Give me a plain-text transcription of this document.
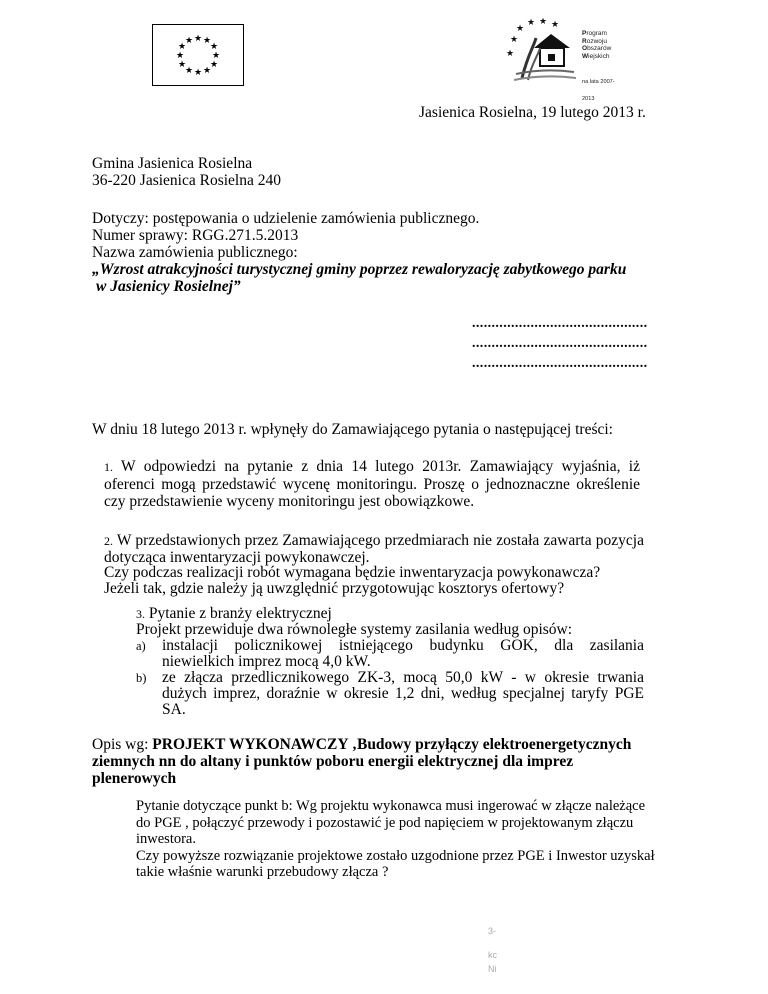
★ ★
★
★
★
★
★
★
★
★
★
★	★
★
★ ★ ★
★
Program
Rozwoju
Obszarów
Wiejskich
na lata 2007-2013
Jasienica Rosielna, 19 lutego 2013 r.
Gmina Jasienica Rosielna
36-220 Jasienica Rosielna 240
Dotyczy: postępowania o udzielenie zamówienia publicznego.
Numer sprawy: RGG.271.5.2013
Nazwa zamówienia publicznego:
„Wzrost atrakcyjności turystycznej gminy poprzez rewaloryzację zabytkowego parku
w Jasienicy Rosielnej”
.............................................
.............................................
.............................................
W dniu 18 lutego 2013 r. wpłynęły do Zamawiającego pytania o następującej treści:
1. W odpowiedzi na pytanie z dnia 14 lutego 2013r. Zamawiający wyjaśnia, iż oferenci mogą przedstawić wycenę monitoringu. Proszę o jednoznaczne określenie czy przedstawienie wyceny monitoringu jest obowiązkowe.
2. W przedstawionych przez Zamawiającego przedmiarach nie została zawarta pozycja dotycząca inwentaryzacji powykonawczej.
Czy podczas realizacji robót wymagana będzie inwentaryzacja powykonawcza?
Jeżeli tak, gdzie należy ją uwzględnić przygotowując kosztorys ofertowy?
3. Pytanie z branży elektrycznej
Projekt przewiduje dwa równoległe systemy zasilania według opisów:
a) instalacji policznikowej istniejącego budynku GOK, dla zasilania niewielkich imprez mocą 4,0 kW.
b) ze złącza przedlicznikowego ZK-3, mocą 50,0 kW - w okresie trwania dużych imprez, doraźnie w okresie 1,2 dni, według specjalnej taryfy PGE SA.
Opis wg: PROJEKT WYKONAWCZY ‚Budowy przyłączy elektroenergetycznych ziemnych nn do altany i punktów poboru energii elektrycznej dla imprez plenerowych
Pytanie dotyczące punkt b: Wg projektu wykonawca musi ingerować w złącze należące do PGE , połączyć przewody i pozostawić je pod napięciem w projektowanym złączu inwestora.
Czy powyższe rozwiązanie projektowe zostało uzgodnione przez PGE i Inwestor uzyskał takie właśnie warunki przebudowy złącza ?
3-
kc
Ni
